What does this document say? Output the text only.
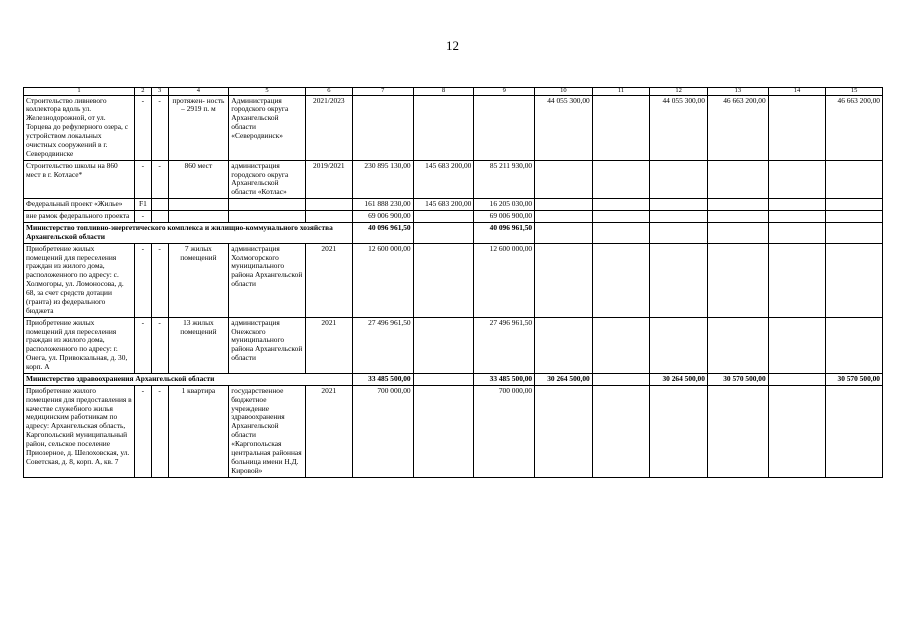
12
1	2	3	4	5	6	7	8	9	10	11	12	13	14	15
Строительство ливневого коллектора вдоль ул. Железнодорожной, от ул. Торцева до рефулерного озера, с устройством локальных очистных сооружений в г. Северодвинске	-	-	протяжен- ность – 2919 п. м	Администрация городского округа Архангельской области «Северодвинск»	2021/2023				44 055 300,00		44 055 300,00	46 663 200,00		46 663 200,00
Строительство школы на 860 мест в г. Котласе*	-	-	860 мест	администрация городского округа Архангельской области «Котлас»	2019/2021	230 895 130,00	145 683 200,00	85 211 930,00						
Федеральный проект «Жилье»	F1					161 888 230,00	145 683 200,00	16 205 030,00						
вне рамок федерального проекта	-					69 006 900,00		69 006 900,00						
Министерство топливно-энергетического комплекса и жилищно-коммунального хозяйства Архангельской области						40 096 961,50		40 096 961,50						
Приобретение жилых помещений для переселения граждан из жилого дома, расположенного по адресу: с. Холмогоры, ул. Ломоносова, д. 68, за счет средств дотации (гранта) из федерального бюджета	-	-	7 жилых помещений	администрация Холмогорского муниципального района Архангельской области	2021	12 600 000,00		12 600 000,00						
Приобретение жилых помещений для переселения граждан из жилого дома, расположенного по адресу: г. Онега, ул. Привокзальная, д. 30, корп. А	-	-	13 жилых помещений	администрация Онежского муниципального района Архангельской области	2021	27 496 961,50		27 496 961,50						
Министерство здравоохранения Архангельской области						33 485 500,00		33 485 500,00	30 264 500,00		30 264 500,00	30 570 500,00		30 570 500,00
Приобретение жилого помещения для предоставления в качестве служебного жилья медицинским работникам по адресу: Архангельская область, Каргопольский муниципальный район, сельское поселение Приозерное, д. Шелоховская, ул. Советская, д. 8, корп. А, кв. 7	-	-	1 квартира	государственное бюджетное учреждение здравоохранения Архангельской области «Каргопольская центральная районная больница имени Н.Д. Кировой»	2021	700 000,00		700 000,00						
